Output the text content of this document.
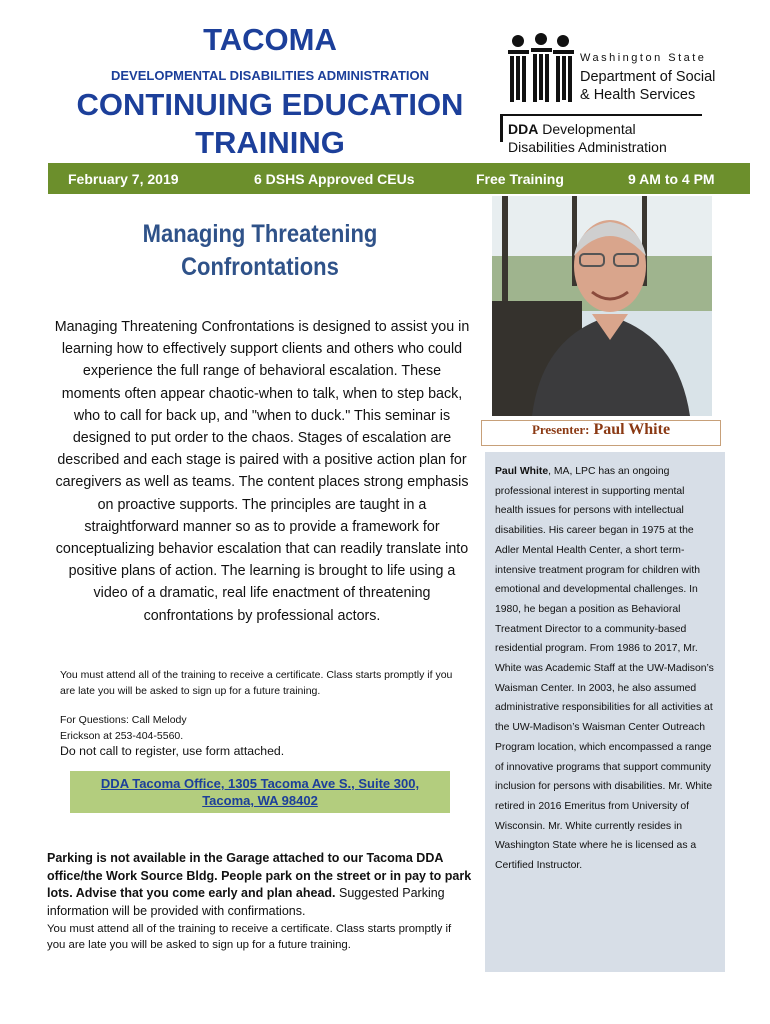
TACOMA
DEVELOPMENTAL DISABILITIES ADMINISTRATION
CONTINUING EDUCATION TRAINING
Washington State
Department of Social
& Health Services
DDA Developmental
Disabilities Administration
February 7, 2019	6 DSHS Approved CEUs	Free Training	9 AM to 4 PM
Managing Threatening Confrontations
Managing Threatening Confrontations is designed to assist you in learning how to effectively support clients and others who could experience the full range of behavioral escalation. These moments often appear chaotic-when to talk, when to step back, who to call for back up, and "when to duck." This seminar is designed to put order to the chaos. Stages of escalation are described and each stage is paired with a positive action plan for caregivers as well as teams. The content places strong emphasis on proactive supports. The principles are taught in a straightforward manner so as to provide a framework for conceptualizing behavior escalation that can readily translate into positive plans of action. The learning is brought to life using a video of a dramatic, real life enactment of threatening confrontations by professional actors.
You must attend all of the training to receive a certificate. Class starts promptly if you are late you will be asked to sign up for a future training.
For Questions: Call Melody
Erickson at 253-404-5560.
Do not call to register, use form attached.
DDA Tacoma Office, 1305 Tacoma Ave S., Suite 300,
Tacoma, WA 98402
Parking is not available in the Garage attached to our Tacoma DDA office/the Work Source Bldg. People park on the street or in pay to park lots. Advise that you come early and plan ahead. Suggested Parking information will be provided with confirmations.
You must attend all of the training to receive a certificate. Class starts promptly if you are late you will be asked to sign up for a future training.
Presenter: Paul White
Paul White, MA, LPC has an ongoing professional interest in supporting mental health issues for persons with intellectual disabilities. His career began in 1975 at the Adler Mental Health Center, a short term-intensive treatment program for children with emotional and developmental challenges. In 1980, he began a position as Behavioral Treatment Director to a community-based residential program. From 1986 to 2017, Mr. White was Academic Staff at the UW-Madison’s Waisman Center. In 2003, he also assumed administrative responsibilities for all activities at the UW-Madison’s Waisman Center Outreach Program location, which encompassed a range of innovative programs that support community inclusion for persons with disabilities. Mr. White retired in 2016 Emeritus from University of Wisconsin. Mr. White currently resides in Washington State where he is licensed as a Certified Instructor.
